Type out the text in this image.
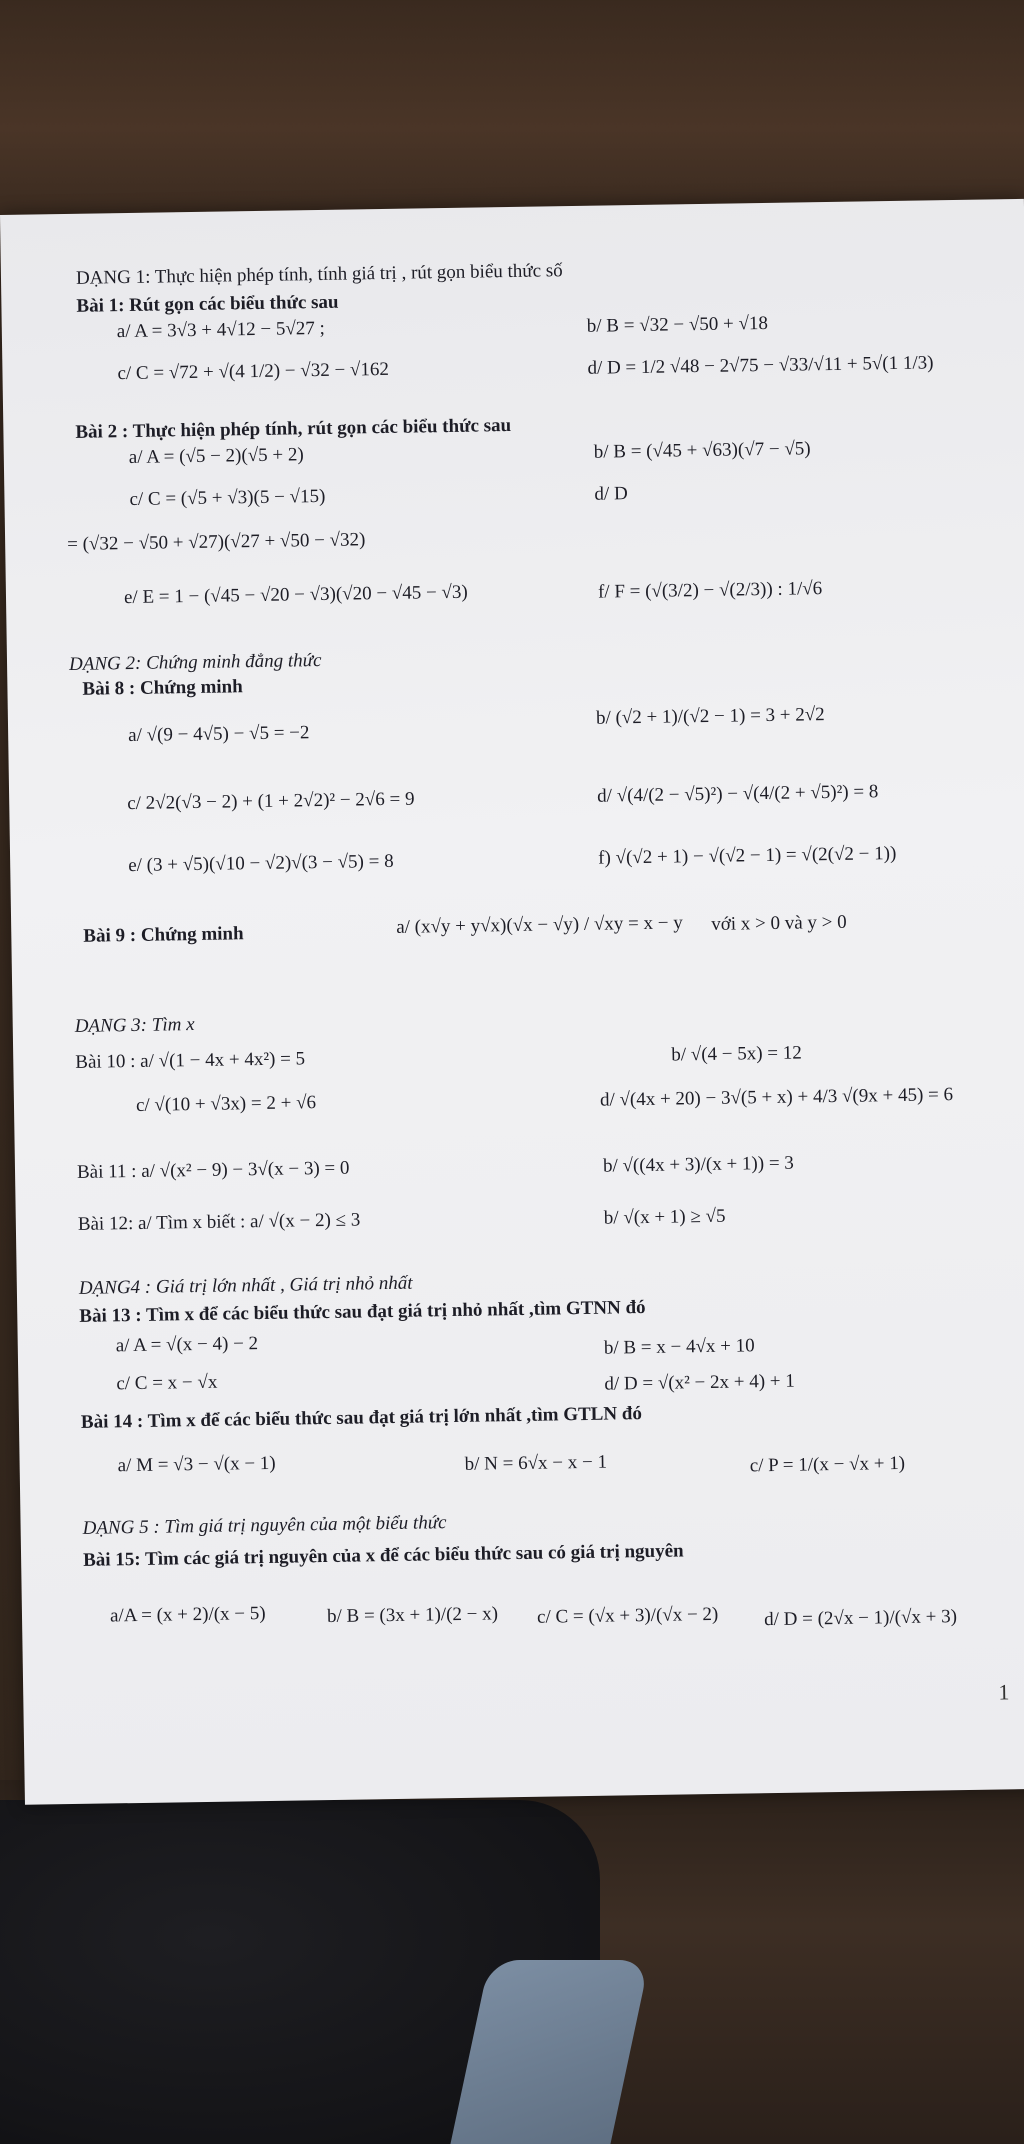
DẠNG 1: Thực hiện phép tính, tính giá trị , rút gọn biểu thức số
Bài 1: Rút gọn các biểu thức sau
a/ A = 3√3 + 4√12 − 5√27 ;	b/ B = √32 − √50 + √18
c/ C = √72 + √(4 1/2) − √32 − √162	d/ D = 1/2 √48 − 2√75 − √33/√11 + 5√(1 1/3)
Bài 2 : Thực hiện phép tính, rút gọn các biểu thức sau
a/ A = (√5 − 2)(√5 + 2)	b/ B = (√45 + √63)(√7 − √5)
c/ C = (√5 + √3)(5 − √15)	d/ D
= (√32 − √50 + √27)(√27 + √50 − √32)
e/ E = 1 − (√45 − √20 − √3)(√20 − √45 − √3)	f/ F = (√(3/2) − √(2/3)) : 1/√6
DẠNG 2: Chứng minh đẳng thức
Bài 8 : Chứng minh
a/ √(9 − 4√5) − √5 = −2
b/ (√2 + 1)/(√2 − 1) = 3 + 2√2
c/ 2√2(√3 − 2) + (1 + 2√2)² − 2√6 = 9	d/ √(4/(2 − √5)²) − √(4/(2 + √5)²) = 8
e/ (3 + √5)(√10 − √2)√(3 − √5) = 8	f) √(√2 + 1) − √(√2 − 1) = √(2(√2 − 1))
Bài 9 : Chứng minh	a/ (x√y + y√x)(√x − √y) / √xy = x − y với x > 0 và y > 0
DẠNG 3: Tìm x
Bài 10 : a/ √(1 − 4x + 4x²) = 5	b/ √(4 − 5x) = 12
c/ √(10 + √3x) = 2 + √6	d/ √(4x + 20) − 3√(5 + x) + 4/3 √(9x + 45) = 6
Bài 11 : a/ √(x² − 9) − 3√(x − 3) = 0	b/ √((4x + 3)/(x + 1)) = 3
Bài 12: a/ Tìm x biết : a/ √(x − 2) ≤ 3	b/ √(x + 1) ≥ √5
DẠNG4 : Giá trị lớn nhất , Giá trị nhỏ nhất
Bài 13 : Tìm x để các biểu thức sau đạt giá trị nhỏ nhất ,tìm GTNN đó
a/ A = √(x − 4) − 2	b/ B = x − 4√x + 10
c/ C = x − √x	d/ D = √(x² − 2x + 4) + 1
Bài 14 : Tìm x để các biểu thức sau đạt giá trị lớn nhất ,tìm GTLN đó
a/ M = √3 − √(x − 1)	b/ N = 6√x − x − 1	c/ P = 1/(x − √x + 1)
DẠNG 5 : Tìm giá trị nguyên của một biểu thức
Bài 15: Tìm các giá trị nguyên của x để các biểu thức sau có giá trị nguyên
a/A = (x + 2)/(x − 5)	b/ B = (3x + 1)/(2 − x) c/ C = (√x + 3)/(√x − 2) d/ D = (2√x − 1)/(√x + 3)
1
